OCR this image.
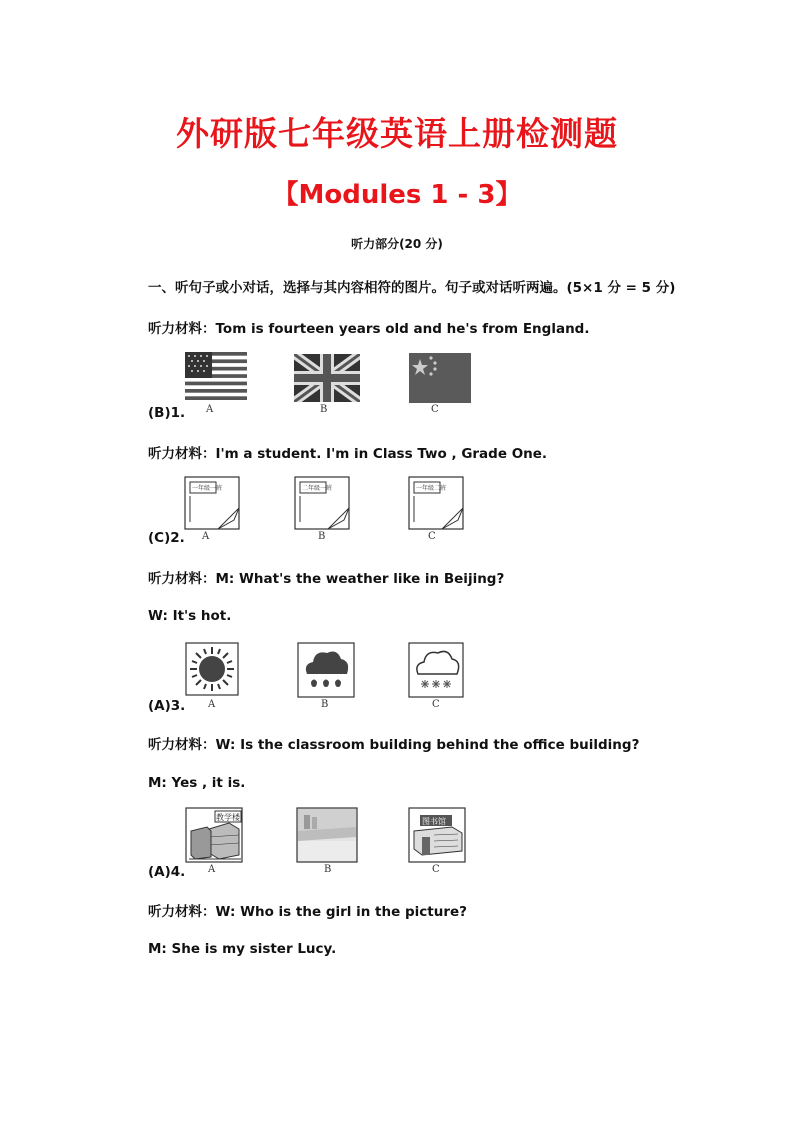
外研版七年级英语上册检测题
【Modules 1 - 3】
听力部分(20 分)
一、听句子或小对话，选择与其内容相符的图片。句子或对话听两遍。(5×1 分 = 5 分)
听力材料：Tom is fourteen years old and he's from England.
A	B	C
(B)1.
听力材料：I'm a student. I'm in Class Two , Grade One.
一年级一班
A
二年级一班
B
一年级二班
C
(C)2.
听力材料：M: What's the weather like in Beijing?
W: It's hot.
A	B	C
(A)3.
听力材料：W: Is the classroom building behind the office building?
M: Yes , it is.
教学楼
A	B
图书馆
C
(A)4.
听力材料：W: Who is the girl in the picture?
M: She is my sister Lucy.
